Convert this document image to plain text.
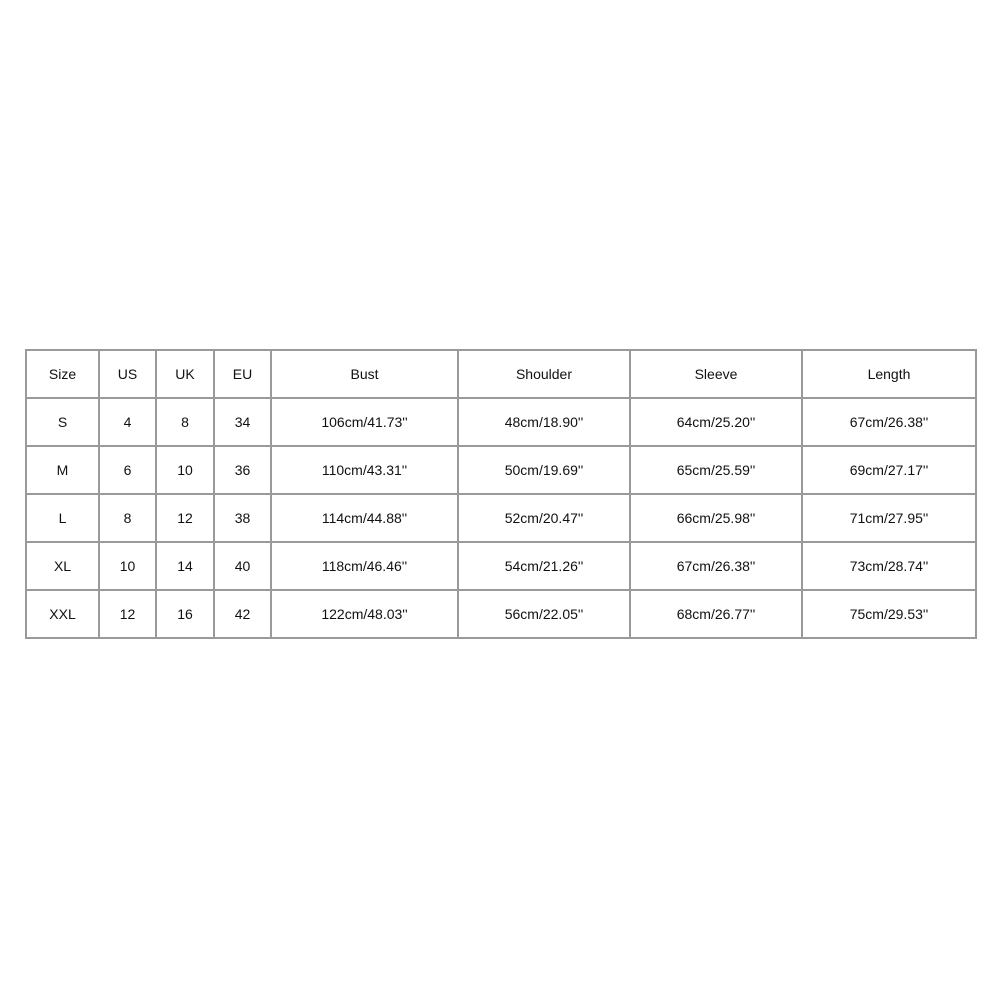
Size	US	UK	EU	Bust	Shoulder	Sleeve	Length
S	4	8	34	106cm/41.73''	48cm/18.90''	64cm/25.20''	67cm/26.38''
M	6	10	36	110cm/43.31''	50cm/19.69''	65cm/25.59''	69cm/27.17''
L	8	12	38	114cm/44.88''	52cm/20.47''	66cm/25.98''	71cm/27.95''
XL	10	14	40	118cm/46.46''	54cm/21.26''	67cm/26.38''	73cm/28.74''
XXL	12	16	42	122cm/48.03''	56cm/22.05''	68cm/26.77''	75cm/29.53''
